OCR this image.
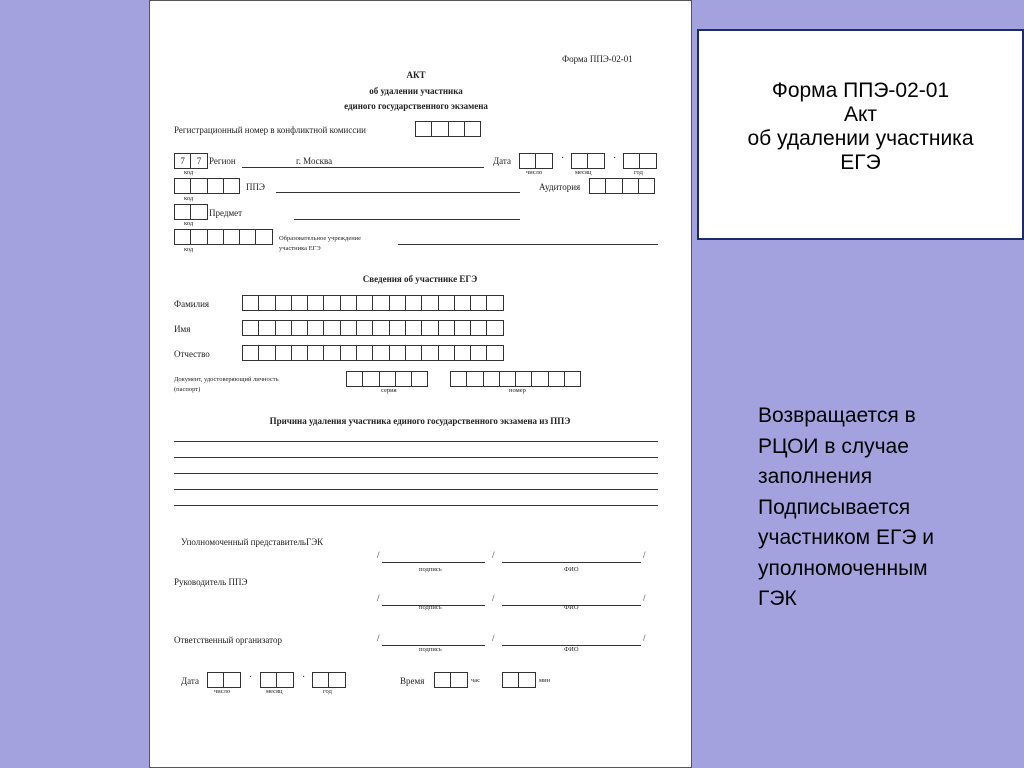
Форма ППЭ-02-01
АКТ
об удалении участника
единого государственного экзамена
Регистрационный номер в конфликтной комиссии
7	7
код
Регион	г. Москва	Дата	·	·
число	месяц	год
код
ППЭ	Аудитория
код
Предмет
код
Образовательное учреждение
участника ЕГЭ
Сведения об участнике ЕГЭ
Фамилия
Имя
Отчество
Документ, удостоверяющий личность
(паспорт)	серия	номер
Причина удаления участника единого государственного экзамена из ППЭ
Уполномоченный представительГЭК
/	/	/
подпись	ФИО
Руководитель ППЭ
/	/	/
подпись	ФИО
Ответственный организатор	/	/	/
подпись	ФИО
Дата	·	·
число	месяц	год
Время	час	мин
Форма ППЭ-02-01
Акт
об удалении участника
ЕГЭ
Возвращается в
РЦОИ в случае
заполнения
Подписывается
участником ЕГЭ и
уполномоченным
ГЭК
